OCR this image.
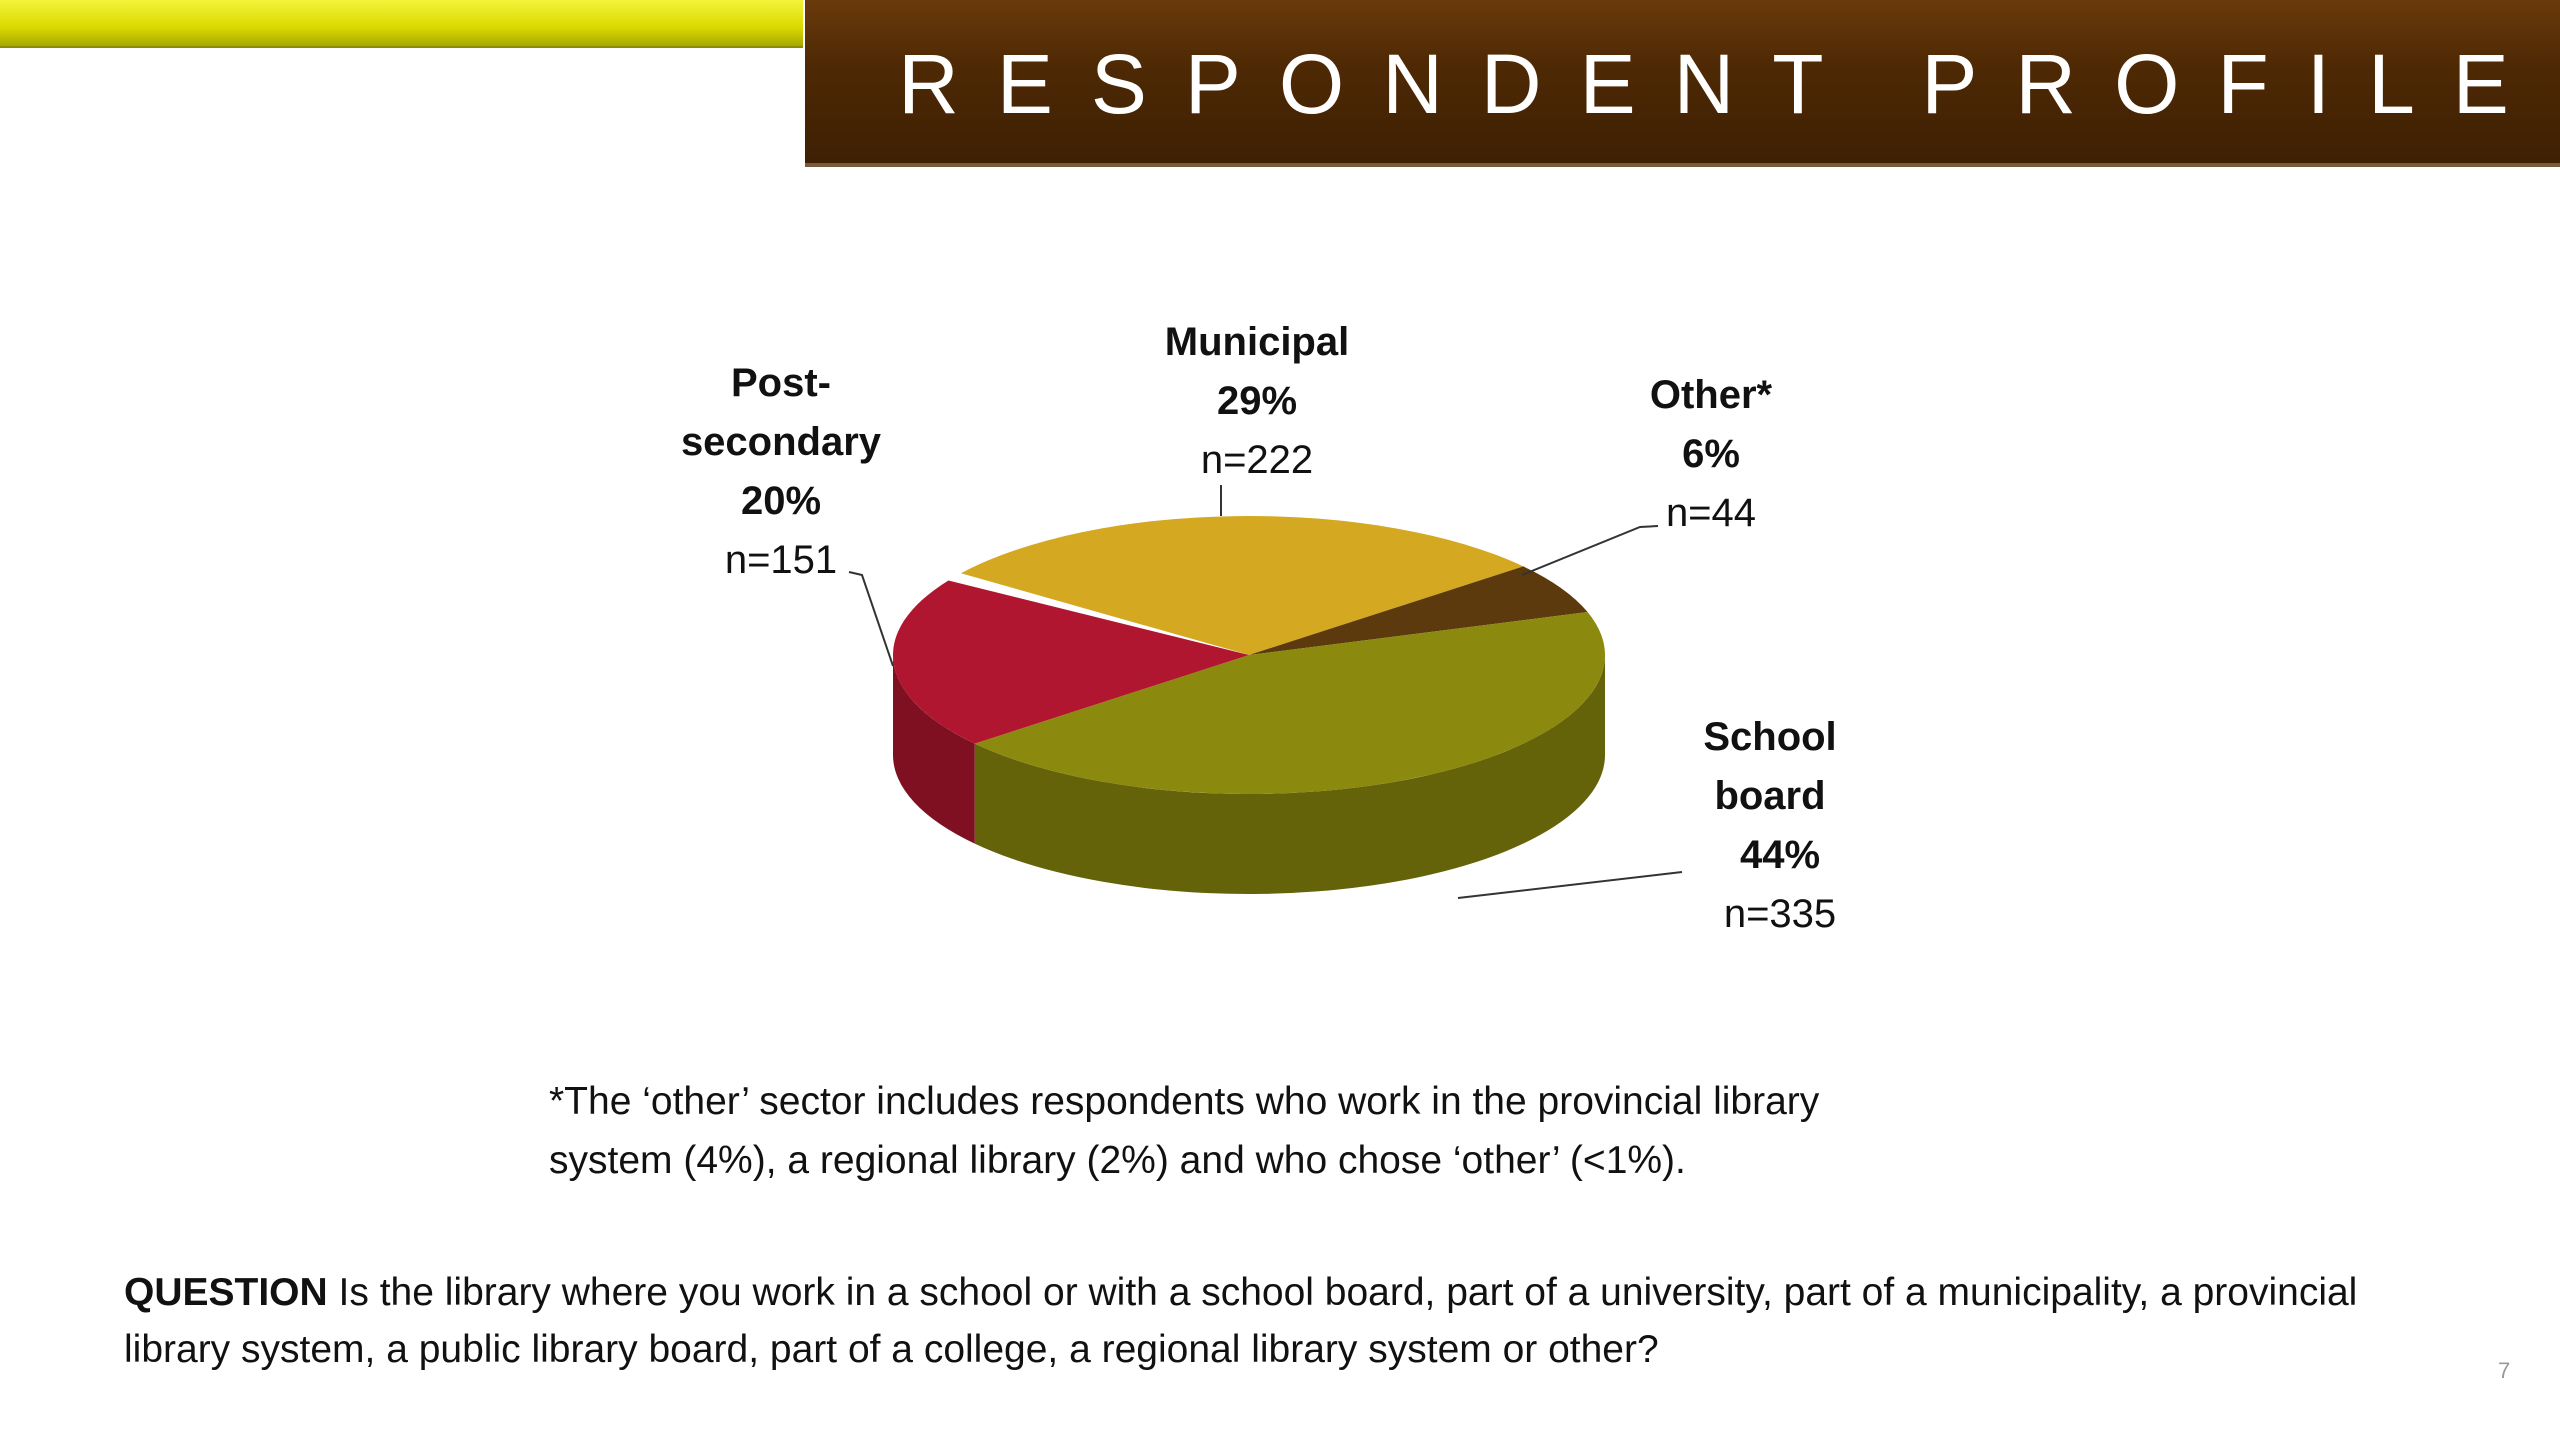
RESPONDENT PROFILE
Municipal
29%
n=222
Other*
6%
n=44
School
board
44%
n=335
Post-
secondary
20%
n=151
*The ‘other’ sector includes respondents who work in the provincial library
system (4%), a regional library (2%) and who chose ‘other’ (<1%).
QUESTION Is the library where you work in a school or with a school board, part of a university, part of a municipality, a provincial library system, a public library board, part of a college, a regional library system or other?	7
